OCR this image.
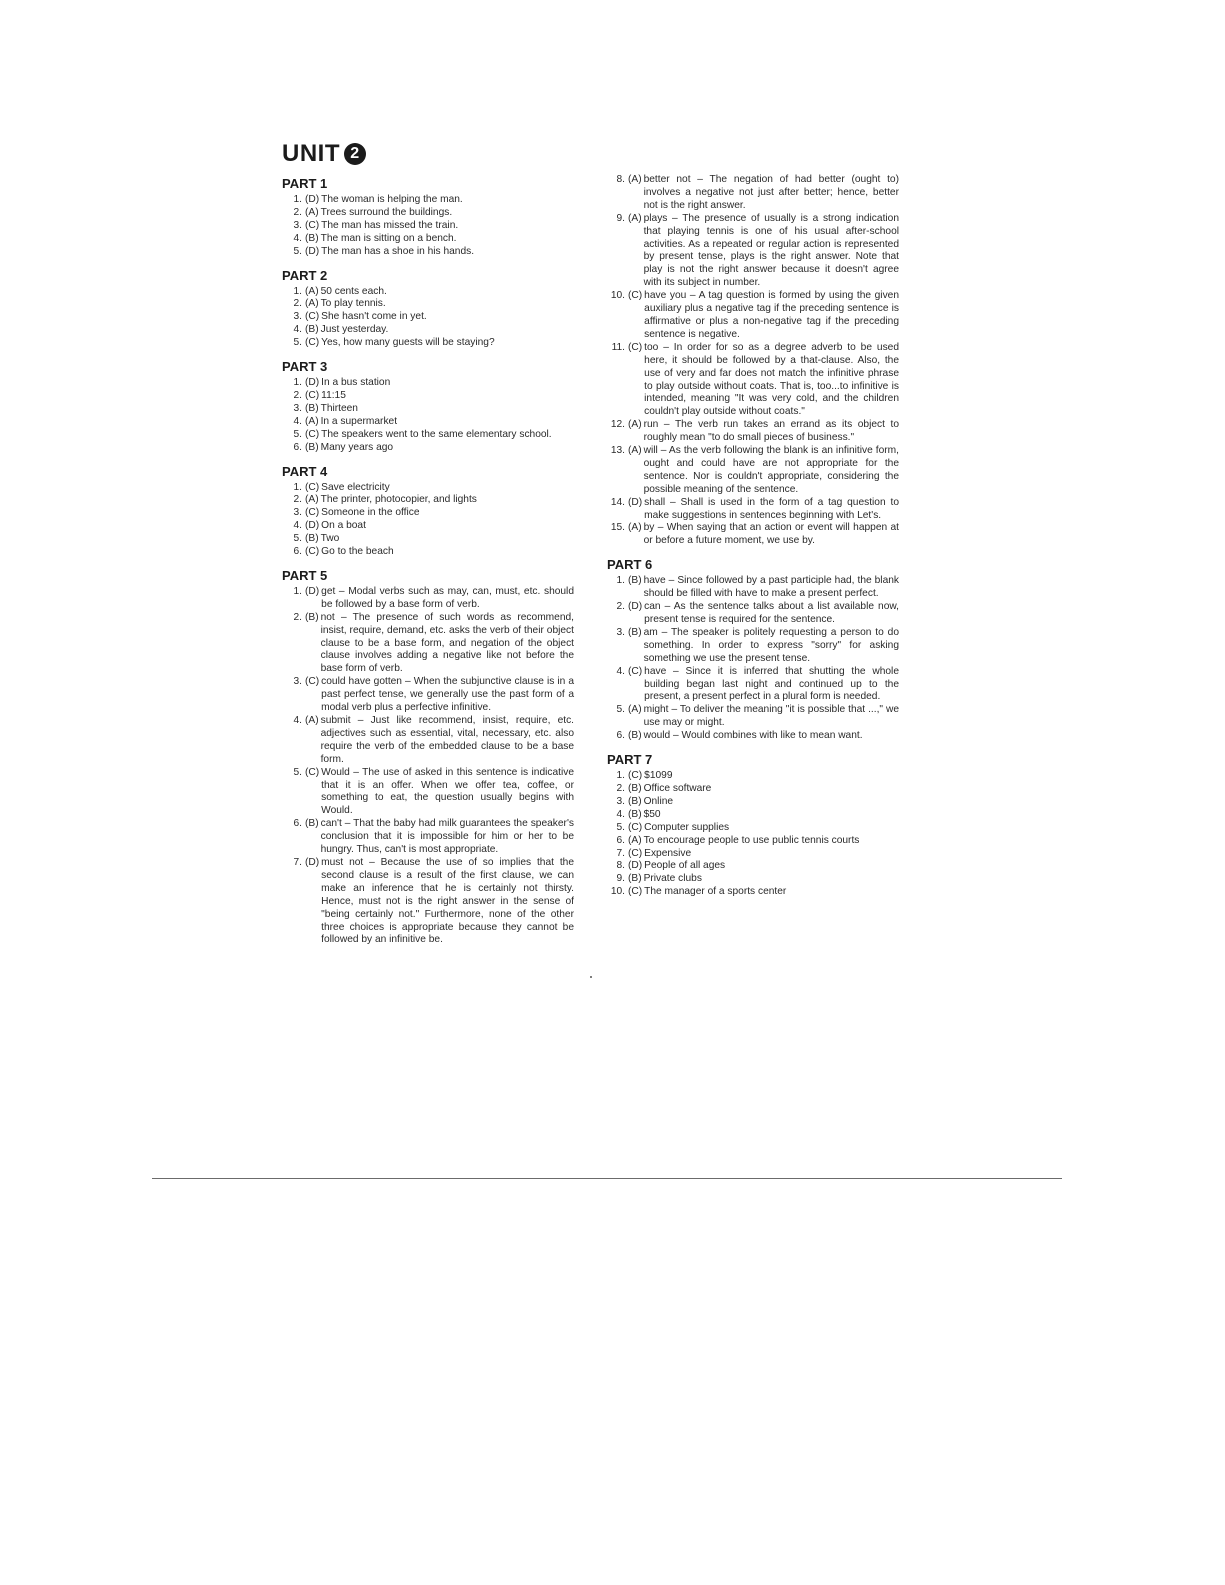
UNIT 2
PART 1
1. (D) The woman is helping the man.
2. (A) Trees surround the buildings.
3. (C) The man has missed the train.
4. (B) The man is sitting on a bench.
5. (D) The man has a shoe in his hands.
PART 2
1. (A) 50 cents each.
2. (A) To play tennis.
3. (C) She hasn't come in yet.
4. (B) Just yesterday.
5. (C) Yes, how many guests will be staying?
PART 3
1. (D) In a bus station
2. (C) 11:15
3. (B) Thirteen
4. (A) In a supermarket
5. (C) The speakers went to the same elementary school.
6. (B) Many years ago
PART 4
1. (C) Save electricity
2. (A) The printer, photocopier, and lights
3. (C) Someone in the office
4. (D) On a boat
5. (B) Two
6. (C) Go to the beach
PART 5
1. (D) get – Modal verbs such as may, can, must, etc. should be followed by a base form of verb.
2. (B) not – The presence of such words as recommend, insist, require, demand, etc. asks the verb of their object clause to be a base form, and negation of the object clause involves adding a negative like not before the base form of verb.
3. (C) could have gotten – When the subjunctive clause is in a past perfect tense, we generally use the past form of a modal verb plus a perfective infinitive.
4. (A) submit – Just like recommend, insist, require, etc. adjectives such as essential, vital, necessary, etc. also require the verb of the embedded clause to be a base form.
5. (C) Would – The use of asked in this sentence is indicative that it is an offer. When we offer tea, coffee, or something to eat, the question usually begins with Would.
6. (B) can't – That the baby had milk guarantees the speaker's conclusion that it is impossible for him or her to be hungry. Thus, can't is most appropriate.
7. (D) must not – Because the use of so implies that the second clause is a result of the first clause, we can make an inference that he is certainly not thirsty. Hence, must not is the right answer in the sense of "being certainly not." Furthermore, none of the other three choices is appropriate because they cannot be followed by an infinitive be.
8. (A) better not – The negation of had better (ought to) involves a negative not just after better; hence, better not is the right answer.
9. (A) plays – The presence of usually is a strong indication that playing tennis is one of his usual after-school activities. As a repeated or regular action is represented by present tense, plays is the right answer. Note that play is not the right answer because it doesn't agree with its subject in number.
10. (C) have you – A tag question is formed by using the given auxiliary plus a negative tag if the preceding sentence is affirmative or plus a non-negative tag if the preceding sentence is negative.
11. (C) too – In order for so as a degree adverb to be used here, it should be followed by a that-clause. Also, the use of very and far does not match the infinitive phrase to play outside without coats. That is, too...to infinitive is intended, meaning "It was very cold, and the children couldn't play outside without coats."
12. (A) run – The verb run takes an errand as its object to roughly mean "to do small pieces of business."
13. (A) will – As the verb following the blank is an infinitive form, ought and could have are not appropriate for the sentence. Nor is couldn't appropriate, considering the possible meaning of the sentence.
14. (D) shall – Shall is used in the form of a tag question to make suggestions in sentences beginning with Let's.
15. (A) by – When saying that an action or event will happen at or before a future moment, we use by.
PART 6
1. (B) have – Since followed by a past participle had, the blank should be filled with have to make a present perfect.
2. (D) can – As the sentence talks about a list available now, present tense is required for the sentence.
3. (B) am – The speaker is politely requesting a person to do something. In order to express "sorry" for asking something we use the present tense.
4. (C) have – Since it is inferred that shutting the whole building began last night and continued up to the present, a present perfect in a plural form is needed.
5. (A) might – To deliver the meaning "it is possible that ...," we use may or might.
6. (B) would – Would combines with like to mean want.
PART 7
1. (C) $1099
2. (B) Office software
3. (B) Online
4. (B) $50
5. (C) Computer supplies
6. (A) To encourage people to use public tennis courts
7. (C) Expensive
8. (D) People of all ages
9. (B) Private clubs
10. (C) The manager of a sports center
